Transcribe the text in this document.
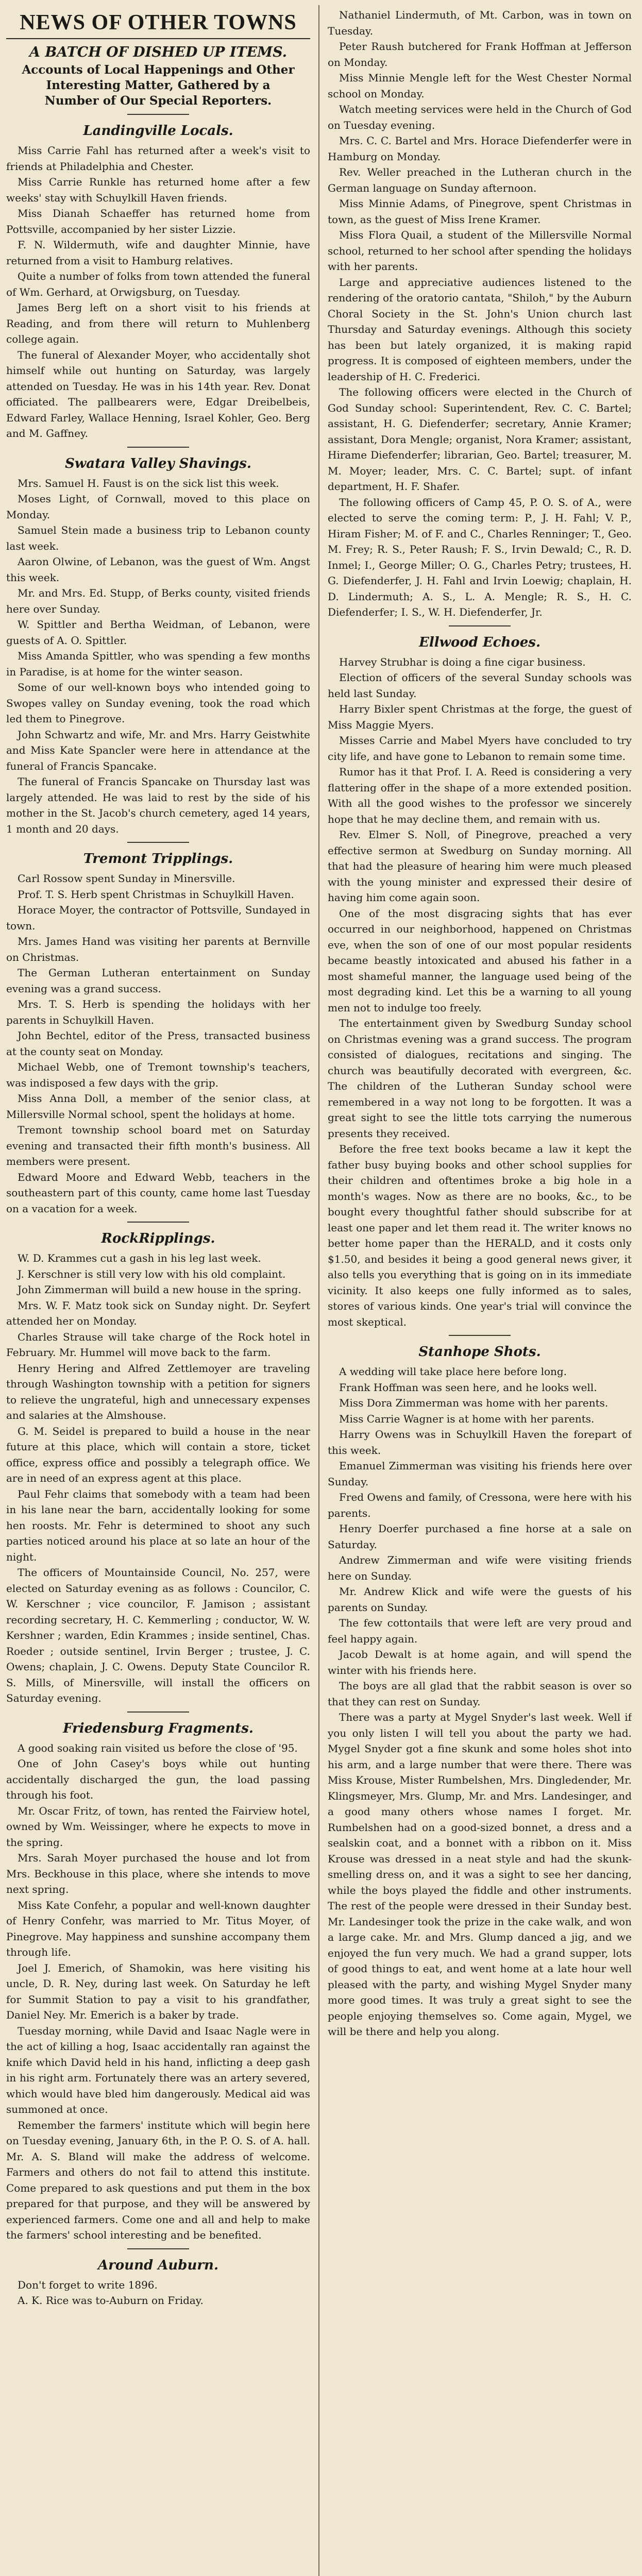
NEWS OF OTHER TOWNS
A BATCH OF DISHED UP ITEMS.
Accounts of Local Happenings and Other Interesting Matter, Gathered by a Number of Our Special Reporters.
Landingville Locals.

Miss Carrie Fahl has returned after a week's visit to friends at Philadelphia and Chester.

Miss Carrie Runkle has returned home after a few weeks' stay with Schuylkill Haven friends.

Miss Dianah Schaeffer has returned home from Pottsville, accompanied by her sister Lizzie.

F. N. Wildermuth, wife and daughter Minnie, have returned from a visit to Hamburg relatives.

Quite a number of folks from town attended the funeral of Wm. Gerhard, at Orwigsburg, on Tuesday.

James Berg left on a short visit to his friends at Reading, and from there will return to Muhlenberg college again.

The funeral of Alexander Moyer, who accidentally shot himself while out hunting on Saturday, was largely attended on Tuesday. He was in his 14th year. Rev. Donat officiated. The pallbearers were, Edgar Dreibelbeis, Edward Farley, Wallace Henning, Israel Kohler, Geo. Berg and M. Gaffney.

Swatara Valley Shavings.

Mrs. Samuel H. Faust is on the sick list this week.

Moses Light, of Cornwall, moved to this place on Monday.

Samuel Stein made a business trip to Lebanon county last week.

Aaron Olwine, of Lebanon, was the guest of Wm. Angst this week.

Mr. and Mrs. Ed. Stupp, of Berks county, visited friends here over Sunday.

W. Spittler and Bertha Weidman, of Lebanon, were guests of A. O. Spittler.

Miss Amanda Spittler, who was spending a few months in Paradise, is at home for the winter season.

Some of our well-known boys who intended going to Swopes valley on Sunday evening, took the road which led them to Pinegrove.

John Schwartz and wife, Mr. and Mrs. Harry Geistwhite and Miss Kate Spancler were here in attendance at the funeral of Francis Spancake.

The funeral of Francis Spancake on Thursday last was largely attended. He was laid to rest by the side of his mother in the St. Jacob's church cemetery, aged 14 years, 1 month and 20 days.

Tremont Tripplings.

Carl Rossow spent Sunday in Minersville.

Prof. T. S. Herb spent Christmas in Schuylkill Haven.

Horace Moyer, the contractor of Pottsville, Sundayed in town.

Mrs. James Hand was visiting her parents at Bernville on Christmas.

The German Lutheran entertainment on Sunday evening was a grand success.

Mrs. T. S. Herb is spending the holidays with her parents in Schuylkill Haven.

John Bechtel, editor of the Press, transacted business at the county seat on Monday.

Michael Webb, one of Tremont township's teachers, was indisposed a few days with the grip.

Miss Anna Doll, a member of the senior class, at Millersville Normal school, spent the holidays at home.

Tremont township school board met on Saturday evening and transacted their fifth month's business. All members were present.

Edward Moore and Edward Webb, teachers in the southeastern part of this county, came home last Tuesday on a vacation for a week.

RockRipplings.

W. D. Krammes cut a gash in his leg last week.

J. Kerschner is still very low with his old complaint.

John Zimmerman will build a new house in the spring.

Mrs. W. F. Matz took sick on Sunday night. Dr. Seyfert attended her on Monday.

Charles Strause will take charge of the Rock hotel in February. Mr. Hummel will move back to the farm.

Henry Hering and Alfred Zettlemoyer are traveling through Washington township with a petition for signers to relieve the ungrateful, high and unnecessary expenses and salaries at the Almshouse.

G. M. Seidel is prepared to build a house in the near future at this place, which will contain a store, ticket office, express office and possibly a telegraph office. We are in need of an express agent at this place.

Paul Fehr claims that somebody with a team had been in his lane near the barn, accidentally looking for some hen roosts. Mr. Fehr is determined to shoot any such parties noticed around his place at so late an hour of the night.

The officers of Mountainside Council, No. 257, were elected on Saturday evening as as follows : Councilor, C. W. Kerschner ; vice councilor, F. Jamison ; assistant recording secretary, H. C. Kemmerling ; conductor, W. W. Kershner ; warden, Edin Krammes ; inside sentinel, Chas. Roeder ; outside sentinel, Irvin Berger ; trustee, J. C. Owens; chaplain, J. C. Owens. Deputy State Councilor R. S. Mills, of Minersville, will install the officers on Saturday evening.

Friedensburg Fragments.

A good soaking rain visited us before the close of '95.

One of John Casey's boys while out hunting accidentally discharged the gun, the load passing through his foot.

Mr. Oscar Fritz, of town, has rented the Fairview hotel, owned by Wm. Weissinger, where he expects to move in the spring.

Mrs. Sarah Moyer purchased the house and lot from Mrs. Beckhouse in this place, where she intends to move next spring.

Miss Kate Confehr, a popular and well-known daughter of Henry Confehr, was married to Mr. Titus Moyer, of Pinegrove. May happiness and sunshine accompany them through life.

Joel J. Emerich, of Shamokin, was here visiting his uncle, D. R. Ney, during last week. On Saturday he left for Summit Station to pay a visit to his grandfather, Daniel Ney. Mr. Emerich is a baker by trade.

Tuesday morning, while David and Isaac Nagle were in the act of killing a hog, Isaac accidentally ran against the knife which David held in his hand, inflicting a deep gash in his right arm. Fortunately there was an artery severed, which would have bled him dangerously. Medical aid was summoned at once.

Remember the farmers' institute which will begin here on Tuesday evening, January 6th, in the P. O. S. of A. hall. Mr. A. S. Bland will make the address of welcome. Farmers and others do not fail to attend this institute. Come prepared to ask questions and put them in the box prepared for that purpose, and they will be answered by experienced farmers. Come one and all and help to make the farmers' school interesting and be benefited.

Around Auburn.

Don't forget to write 1896.

A. K. Rice was to-Auburn on Friday.

Nathaniel Lindermuth, of Mt. Carbon, was in town on Tuesday.

Peter Raush butchered for Frank Hoffman at Jefferson on Monday.

Miss Minnie Mengle left for the West Chester Normal school on Monday.

Watch meeting services were held in the Church of God on Tuesday evening.

Mrs. C. C. Bartel and Mrs. Horace Diefenderfer were in Hamburg on Monday.

Rev. Weller preached in the Lutheran church in the German language on Sunday afternoon.

Miss Minnie Adams, of Pinegrove, spent Christmas in town, as the guest of Miss Irene Kramer.

Miss Flora Quail, a student of the Millersville Normal school, returned to her school after spending the holidays with her parents.

Large and appreciative audiences listened to the rendering of the oratorio cantata, "Shiloh," by the Auburn Choral Society in the St. John's Union church last Thursday and Saturday evenings. Although this society has been but lately organized, it is making rapid progress. It is composed of eighteen members, under the leadership of H. C. Frederici.

The following officers were elected in the Church of God Sunday school: Superintendent, Rev. C. C. Bartel; assistant, H. G. Diefenderfer; secretary, Annie Kramer; assistant, Dora Mengle; organist, Nora Kramer; assistant, Hirame Diefenderfer; librarian, Geo. Bartel; treasurer, M. M. Moyer; leader, Mrs. C. C. Bartel; supt. of infant department, H. F. Shafer.

The following officers of Camp 45, P. O. S. of A., were elected to serve the coming term: P., J. H. Fahl; V. P., Hiram Fisher; M. of F. and C., Charles Renninger; T., Geo. M. Frey; R. S., Peter Raush; F. S., Irvin Dewald; C., R. D. Inmel; I., George Miller; O. G., Charles Petry; trustees, H. G. Diefenderfer, J. H. Fahl and Irvin Loewig; chaplain, H. D. Lindermuth; A. S., L. A. Mengle; R. S., H. C. Diefenderfer; I. S., W. H. Diefenderfer, Jr.

Ellwood Echoes.

Harvey Strubhar is doing a fine cigar business.

Election of officers of the several Sunday schools was held last Sunday.

Harry Bixler spent Christmas at the forge, the guest of Miss Maggie Myers.

Misses Carrie and Mabel Myers have concluded to try city life, and have gone to Lebanon to remain some time.

Rumor has it that Prof. I. A. Reed is considering a very flattering offer in the shape of a more extended position. With all the good wishes to the professor we sincerely hope that he may decline them, and remain with us.

Rev. Elmer S. Noll, of Pinegrove, preached a very effective sermon at Swedburg on Sunday morning. All that had the pleasure of hearing him were much pleased with the young minister and expressed their desire of having him come again soon.

One of the most disgracing sights that has ever occurred in our neighborhood, happened on Christmas eve, when the son of one of our most popular residents became beastly intoxicated and abused his father in a most shameful manner, the language used being of the most degrading kind. Let this be a warning to all young men not to indulge too freely.

The entertainment given by Swedburg Sunday school on Christmas evening was a grand success. The program consisted of dialogues, recitations and singing. The church was beautifully decorated with evergreen, &c. The children of the Lutheran Sunday school were remembered in a way not long to be forgotten. It was a great sight to see the little tots carrying the numerous presents they received.

Before the free text books became a law it kept the father busy buying books and other school supplies for their children and oftentimes broke a big hole in a month's wages. Now as there are no books, &c., to be bought every thoughtful father should subscribe for at least one paper and let them read it. The writer knows no better home paper than the HERALD, and it costs only $1.50, and besides it being a good general news giver, it also tells you everything that is going on in its immediate vicinity. It also keeps one fully informed as to sales, stores of various kinds. One year's trial will convince the most skeptical.

Stanhope Shots.

A wedding will take place here before long.

Frank Hoffman was seen here, and he looks well.

Miss Dora Zimmerman was home with her parents.

Miss Carrie Wagner is at home with her parents.

Harry Owens was in Schuylkill Haven the forepart of this week.

Emanuel Zimmerman was visiting his friends here over Sunday.

Fred Owens and family, of Cressona, were here with his parents.

Henry Doerfer purchased a fine horse at a sale on Saturday.

Andrew Zimmerman and wife were visiting friends here on Sunday.

Mr. Andrew Klick and wife were the guests of his parents on Sunday.

The few cottontails that were left are very proud and feel happy again.

Jacob Dewalt is at home again, and will spend the winter with his friends here.

The boys are all glad that the rabbit season is over so that they can rest on Sunday.

There was a party at Mygel Snyder's last week. Well if you only listen I will tell you about the party we had. Mygel Snyder got a fine skunk and some holes shot into his arm, and a large number that were there. There was Miss Krouse, Mister Rumbelshen, Mrs. Dingledender, Mr. Klingsmeyer, Mrs. Glump, Mr. and Mrs. Landesinger, and a good many others whose names I forget. Mr. Rumbelshen had on a good-sized bonnet, a dress and a sealskin coat, and a bonnet with a ribbon on it. Miss Krouse was dressed in a neat style and had the skunk-smelling dress on, and it was a sight to see her dancing, while the boys played the fiddle and other instruments. The rest of the people were dressed in their Sunday best. Mr. Landesinger took the prize in the cake walk, and won a large cake. Mr. and Mrs. Glump danced a jig, and we enjoyed the fun very much. We had a grand supper, lots of good things to eat, and went home at a late hour well pleased with the party, and wishing Mygel Snyder many more good times. It was truly a great sight to see the people enjoying themselves so. Come again, Mygel, we will be there and help you along.
